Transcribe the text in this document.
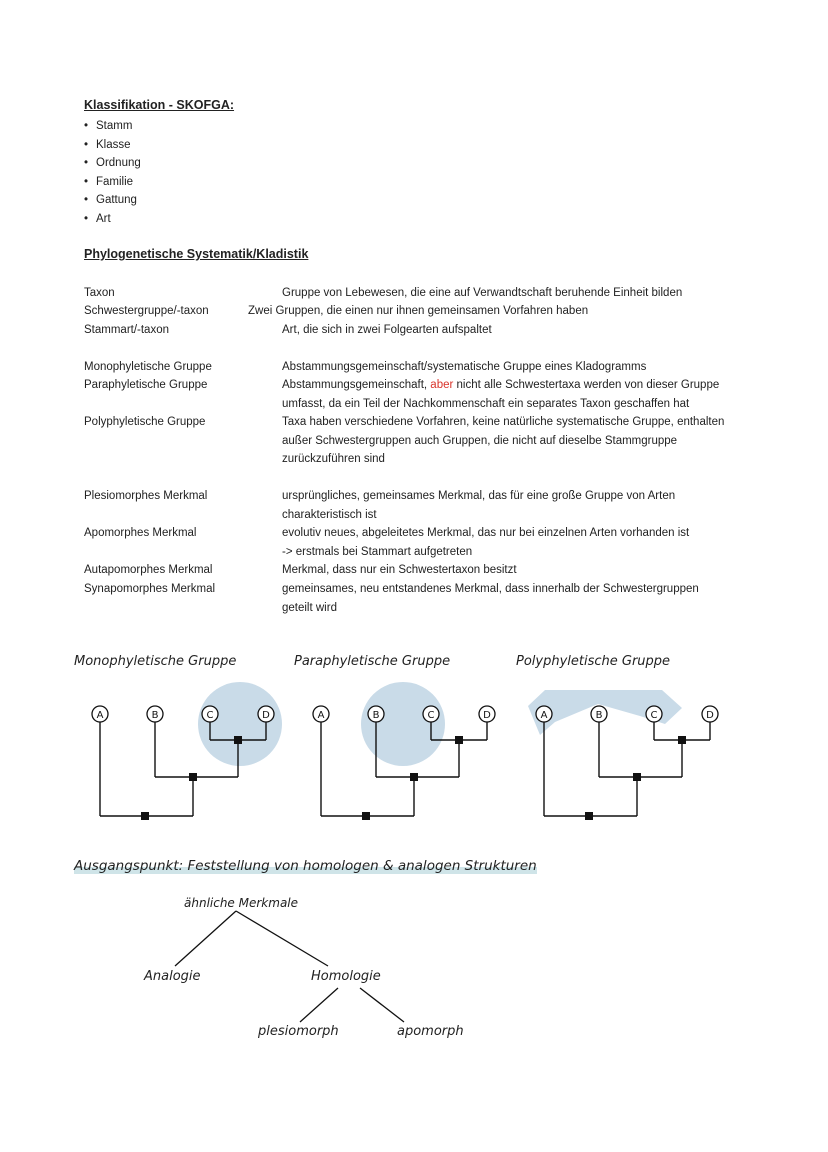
Klassifikation - SKOFGA:
• Stamm
• Klasse
• Ordnung
• Familie
• Gattung
• Art
Phylogenetische Systematik/Kladistik
Taxon	Gruppe von Lebewesen, die eine auf Verwandtschaft beruhende Einheit bilden
Schwestergruppe/-taxon	Zwei Gruppen, die einen nur ihnen gemeinsamen Vorfahren haben
Stammart/-taxon	Art, die sich in zwei Folgearten aufspaltet
Monophyletische Gruppe	Abstammungsgemeinschaft/systematische Gruppe eines Kladogramms
Paraphyletische Gruppe	Abstammungsgemeinschaft, aber nicht alle Schwestertaxa werden von dieser Gruppe umfasst, da ein Teil der Nachkommenschaft ein separates Taxon geschaffen hat
Polyphyletische Gruppe	Taxa haben verschiedene Vorfahren, keine natürliche systematische Gruppe, enthalten außer Schwestergruppen auch Gruppen, die nicht auf dieselbe Stammgruppe zurückzuführen sind
Plesiomorphes Merkmal	ursprüngliches, gemeinsames Merkmal, das für eine große Gruppe von Arten charakteristisch ist
Apomorphes Merkmal	evolutiv neues, abgeleitetes Merkmal, das nur bei einzelnen Arten vorhanden ist
-> erstmals bei Stammart aufgetreten
Autapomorphes Merkmal	Merkmal, dass nur ein Schwestertaxon besitzt
Synapomorphes Merkmal	gemeinsames, neu entstandenes Merkmal, dass innerhalb der Schwestergruppen geteilt wird
Monophyletische Gruppe	Paraphyletische Gruppe	Polyphyletische Gruppe
A	B	C	D	A	B	C	D	A	B	C	D
Ausgangspunkt: Feststellung von homologen & analogen Strukturen
ähnliche Merkmale
Analogie	Homologie
plesiomorph	apomorph
